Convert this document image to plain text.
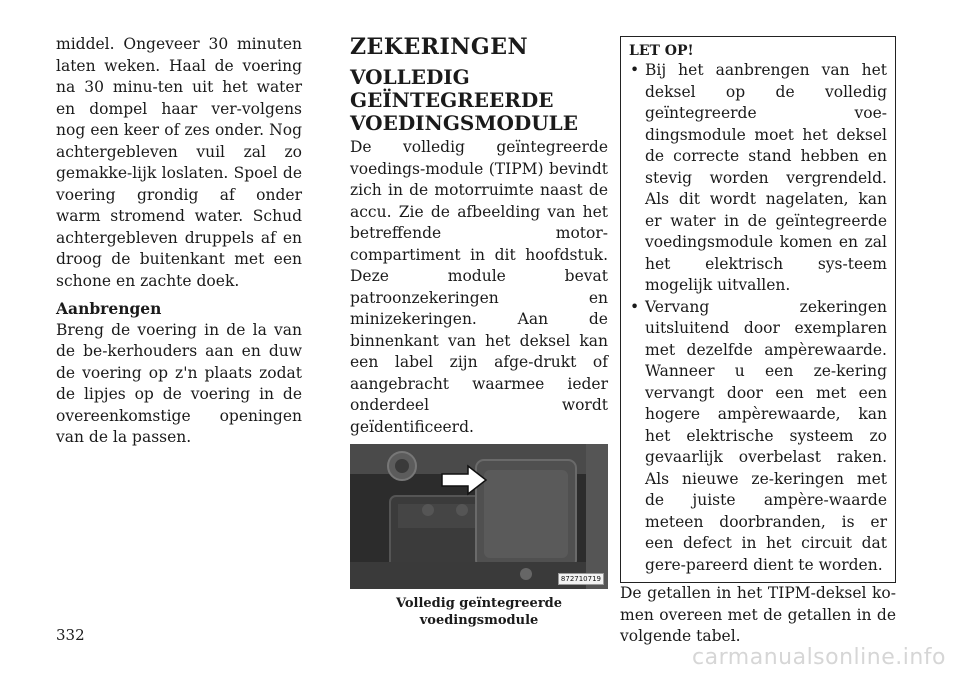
middel. Ongeveer 30 minuten laten weken. Haal de voering na 30 minu-ten uit het water en dompel haar ver-volgens nog een keer of zes onder. Nog achtergebleven vuil zal zo gemakke-lijk loslaten. Spoel de voering grondig af onder warm stromend water. Schud achtergebleven druppels af en droog de buitenkant met een schone en zachte doek.

Aanbrengen

Breng de voering in de la van de be-kerhouders aan en duw de voering op z'n plaats zodat de lipjes op de voering in de overeenkomstige openingen van de la passen.

ZEKERINGEN
VOLLEDIG GEÏNTEGREERDE VOEDINGSMODULE

De volledig geïntegreerde voedings-module (TIPM) bevindt zich in de motorruimte naast de accu. Zie de afbeelding van het betreffende motor-compartiment in dit hoofdstuk. Deze module bevat patroonzekeringen en minizekeringen. Aan de binnenkant van het deksel kan een label zijn afge-drukt of aangebracht waarmee ieder onderdeel wordt geïdentificeerd.

872710719
Volledig geïntegreerde voedingsmodule
LET OP!
• Bij het aanbrengen van het deksel op de volledig geïntegreerde voe-dingsmodule moet het deksel de correcte stand hebben en stevig worden vergrendeld. Als dit wordt nagelaten, kan er water in de geïntegreerde voedingsmodule komen en zal het elektrisch sys-teem mogelijk uitvallen.
• Vervang zekeringen uitsluitend door exemplaren met dezelfde ampèrewaarde. Wanneer u een ze-kering vervangt door een met een hogere ampèrewaarde, kan het elektrische systeem zo gevaarlijk overbelast raken. Als nieuwe ze-keringen met de juiste ampère-waarde meteen doorbranden, is er een defect in het circuit dat gere-pareerd dient te worden.

De getallen in het TIPM-deksel ko-men overeen met de getallen in de volgende tabel.

332
carmanualsonline.info
